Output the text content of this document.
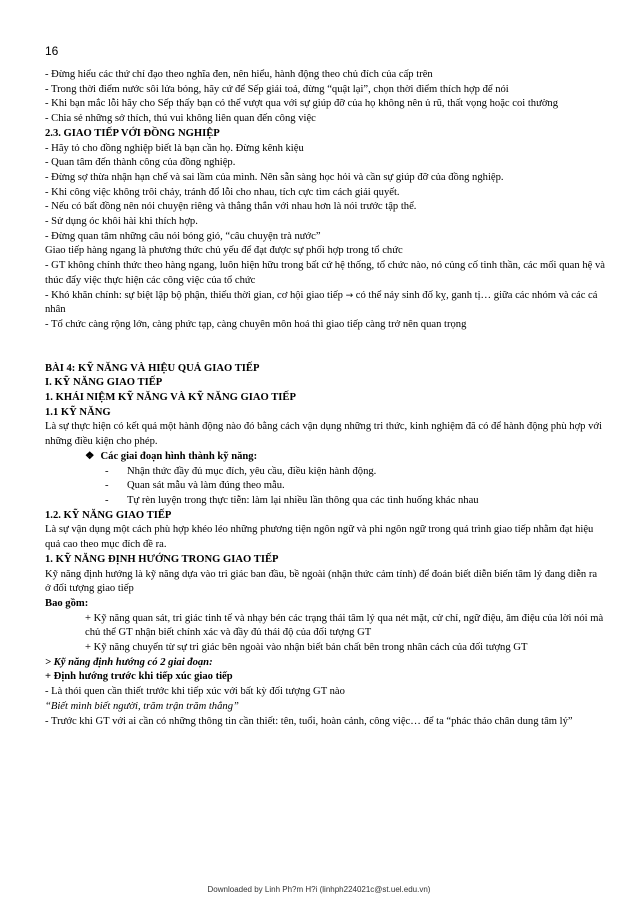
16

- Đừng hiểu các thứ chỉ đạo theo nghĩa đen, nên hiểu, hành động theo chủ đích của cấp trên

- Trong thời điểm nước sôi lửa bỏng, hãy cứ để Sếp giải toả, đừng “quật lại”, chọn thời điểm thích hợp để nói

- Khi bạn mắc lỗi hãy cho Sếp thấy bạn có thể vượt qua với sự giúp đỡ của họ không nên ủ rũ, thất vọng hoặc coi thường

- Chia sẻ những sở thích, thú vui không liên quan đến công việc

2.3. GIAO TIẾP VỚI ĐỒNG NGHIỆP

- Hãy tỏ cho đồng nghiệp biết là bạn cần họ. Đừng kênh kiệu

- Quan tâm đến thành công của đồng nghiệp.

- Đừng sợ thừa nhận hạn chế và sai lầm của mình. Nên sẵn sàng học hỏi và cần sự giúp đỡ của đồng nghiệp.

- Khi công việc không trôi chảy, tránh đổ lỗi cho nhau, tích cực tìm cách giải quyết.

- Nếu có bất đồng nên nói chuyện riêng và thẳng thắn với nhau hơn là nói trước tập thể.

- Sử dụng óc khôi hài khi thích hợp.

- Đừng quan tâm những câu nói bóng gió, “câu chuyện trà nước”

Giao tiếp hàng ngang là phương thức chủ yếu để đạt được sự phối hợp trong tổ chức

- GT không chính thức theo hàng ngang, luôn hiện hữu trong bất cứ hệ thống, tổ chức nào, nó củng cố tinh thần, các mối quan hệ và thúc đẩy việc thực hiện các công việc của tổ chức

- Khó khăn chính: sự biệt lập bộ phận, thiếu thời gian, cơ hội giao tiếp → có thể nảy sinh đố kỵ, ganh tị… giữa các nhóm và các cá nhân

- Tổ chức càng rộng lớn, càng phức tạp, càng chuyên môn hoá thì giao tiếp càng trở nên quan trọng

BÀI 4: KỸ NĂNG VÀ HIỆU QUẢ GIAO TIẾP

I. KỸ NĂNG GIAO TIẾP

1. KHÁI NIỆM KỸ NĂNG VÀ KỸ NĂNG GIAO TIẾP

1.1 KỸ NĂNG

Là sự thực hiện có kết quả một hành động nào đó bằng cách vận dụng những tri thức, kinh nghiệm đã có để hành động phù hợp với những điều kiện cho phép.

❖ Các giai đoạn hình thành kỹ năng:

-	Nhận thức đầy đủ mục đích, yêu cầu, điều kiện hành động.
-	Quan sát mẫu và làm đúng theo mẫu.
-	Tự rèn luyện trong thực tiễn: làm lại nhiều lần thông qua các tình huống khác nhau

1.2. KỸ NĂNG GIAO TIẾP

Là sự vận dụng một cách phù hợp khéo léo những phương tiện ngôn ngữ và phi ngôn ngữ trong quá trình giao tiếp nhằm đạt hiệu quả cao theo mục đích đề ra.

1. KỸ NĂNG ĐỊNH HƯỚNG TRONG GIAO TIẾP

Kỹ năng định hướng là kỹ năng dựa vào tri giác ban đầu, bề ngoài (nhận thức cảm tính) để đoán biết diễn biến tâm lý đang diễn ra ở đối tượng giao tiếp

Bao gồm:

+ Kỹ năng quan sát, tri giác tinh tế và nhạy bén các trạng thái tâm lý qua nét mặt, cử chỉ, ngữ điệu, âm điệu của lời nói mà chủ thể GT nhận biết chính xác và đầy đủ thái độ của đối tượng GT

+ Kỹ năng chuyển từ sự tri giác bên ngoài vào nhận biết bản chất bên trong nhân cách của đối tượng GT

> Kỹ năng định hướng có 2 giai đoạn:

+ Định hướng trước khi tiếp xúc giao tiếp

- Là thói quen cần thiết trước khi tiếp xúc với bất kỳ đối tượng GT nào

“Biết mình biết người, trăm trận trăm thắng”

- Trước khi GT với ai cần có những thông tin cần thiết: tên, tuổi, hoàn cảnh, công việc… để ta “phác thảo chân dung tâm lý”

Downloaded by Linh Ph?m H?i (linhph224021c@st.uel.edu.vn)
